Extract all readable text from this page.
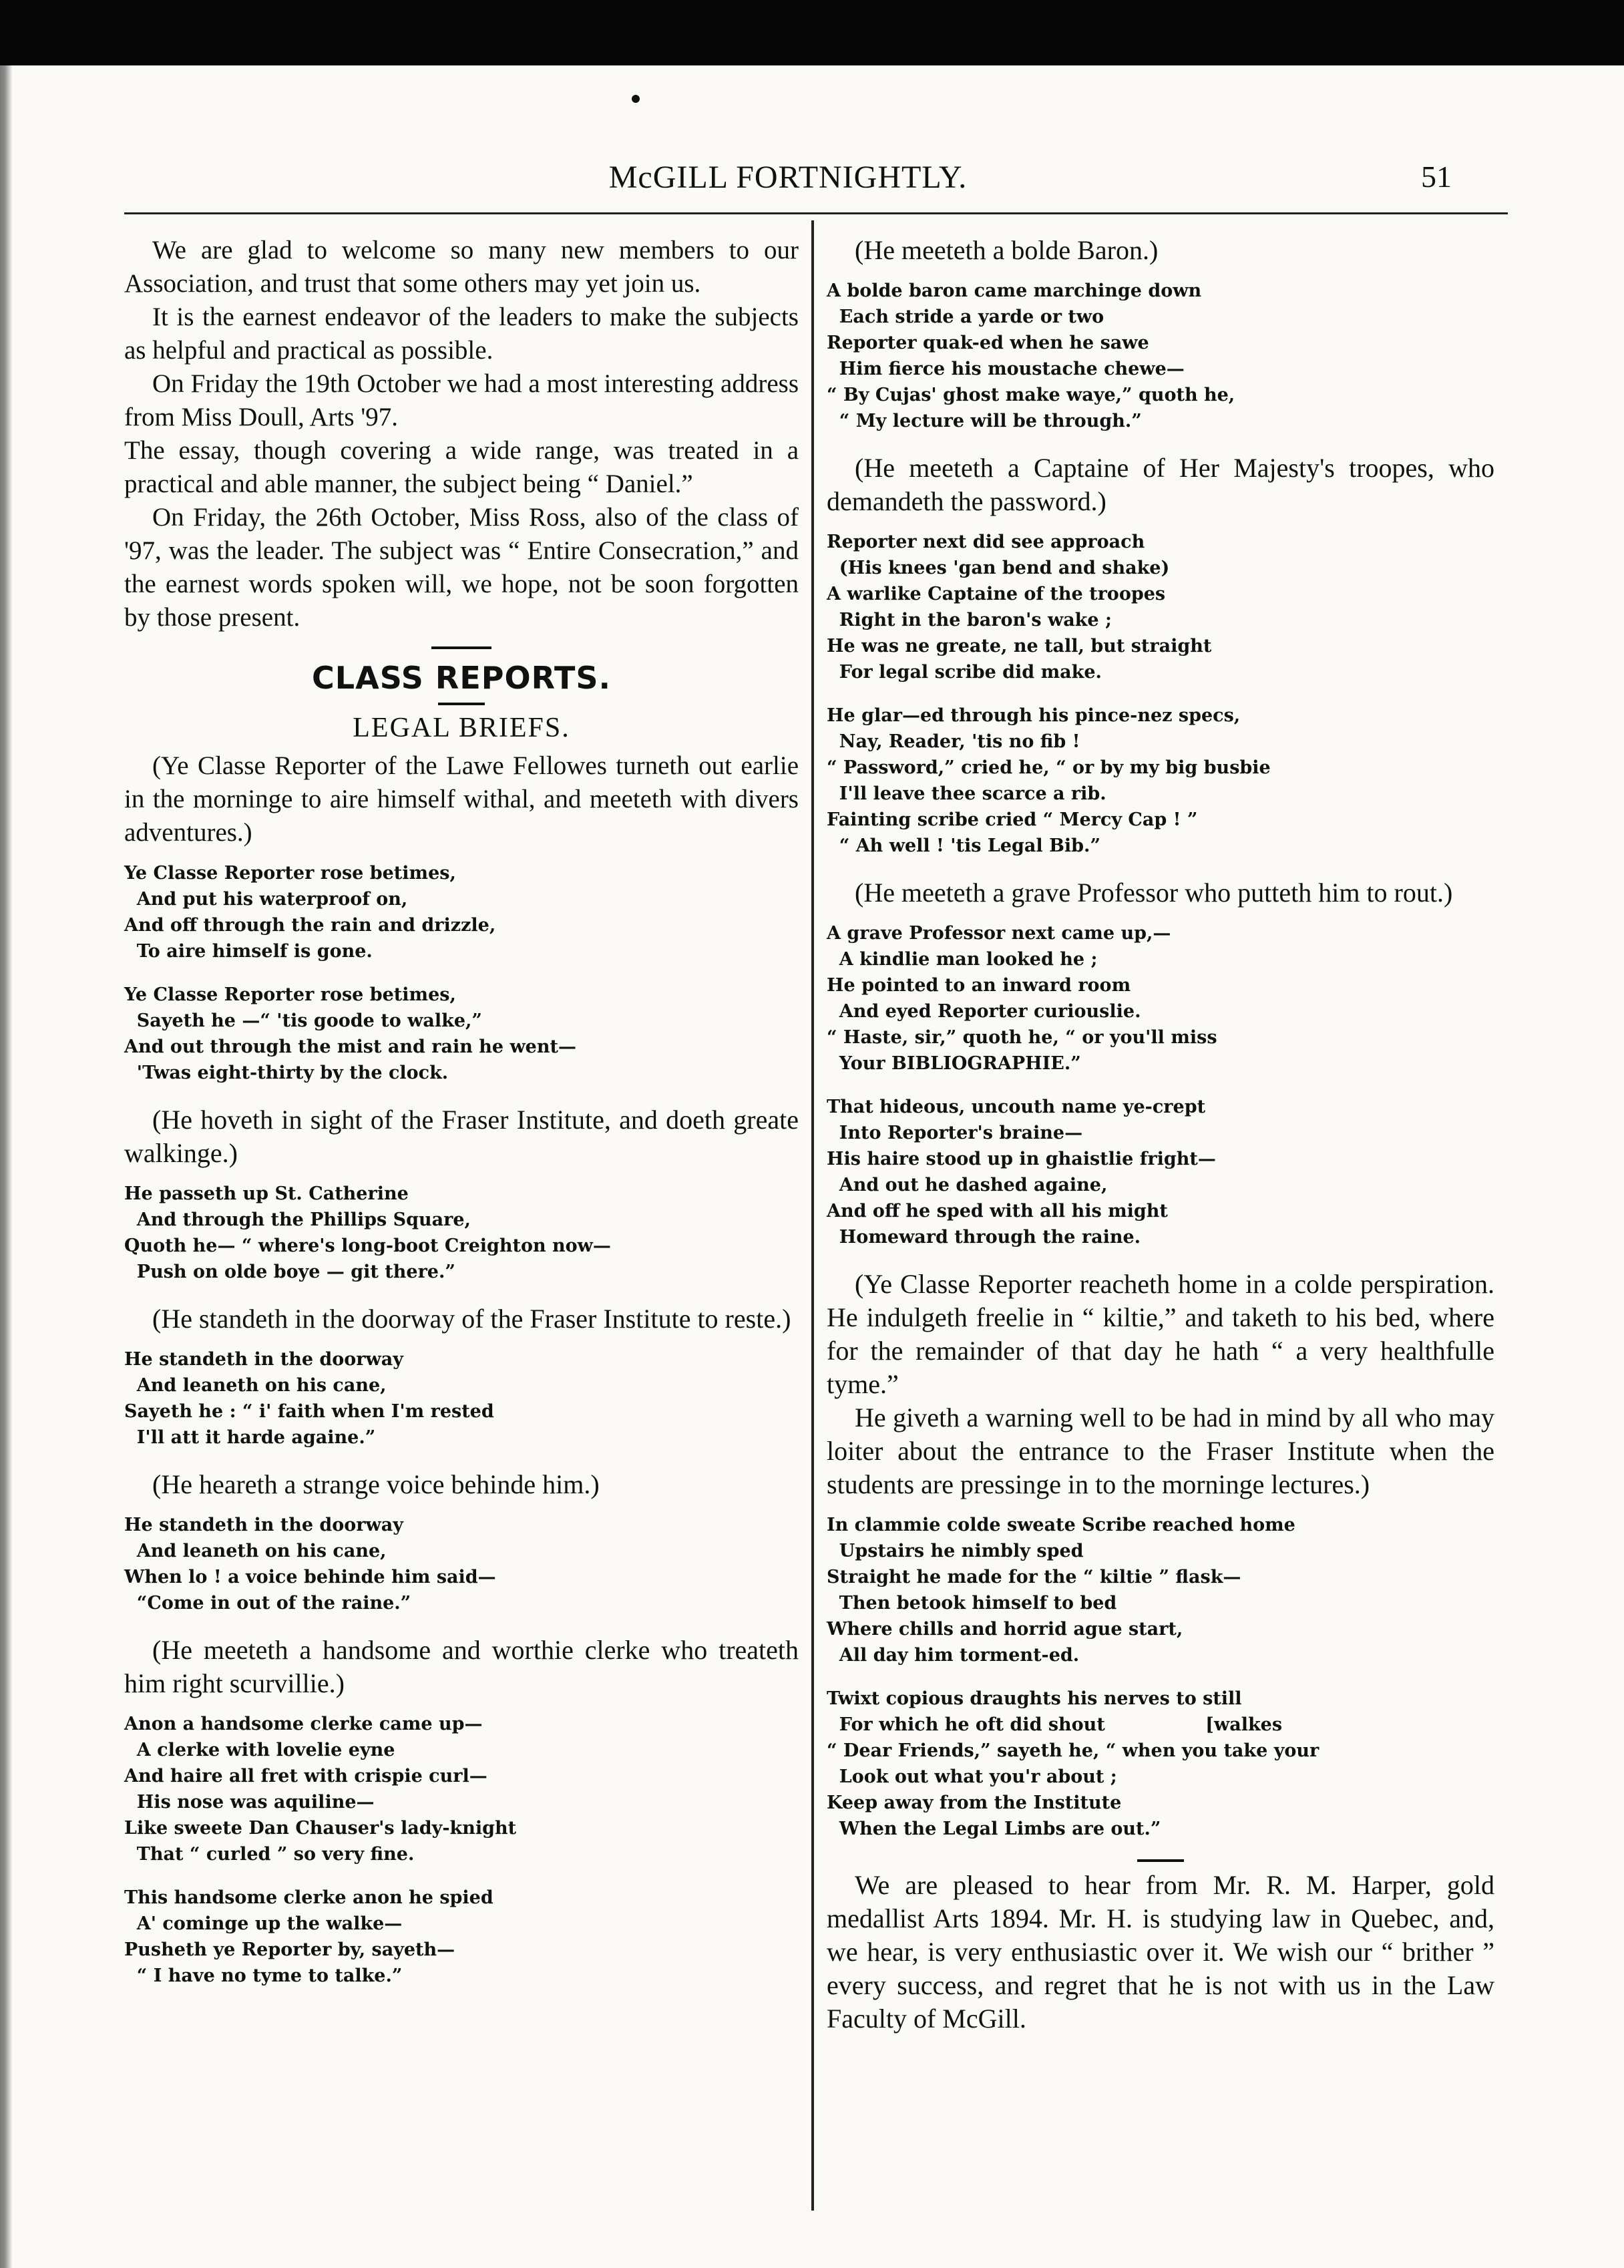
McGILL FORTNIGHTLY.	51

We are glad to welcome so many new members to our Association, and trust that some others may yet join us.

It is the earnest endeavor of the leaders to make the subjects as helpful and practical as possible.

On Friday the 19th October we had a most interesting address from Miss Doull, Arts '97.

The essay, though covering a wide range, was treated in a practical and able manner, the subject being “ Daniel.”

On Friday, the 26th October, Miss Ross, also of the class of '97, was the leader. The subject was “ Entire Consecration,” and the earnest words spoken will, we hope, not be soon forgotten by those present.

CLASS REPORTS.
LEGAL BRIEFS.

(Ye Classe Reporter of the Lawe Fellowes turneth out earlie in the morninge to aire himself withal, and meeteth with divers adventures.)

Ye Classe Reporter rose betimes,
And put his waterproof on,
And off through the rain and drizzle,
To aire himself is gone.
Ye Classe Reporter rose betimes,
Sayeth he —“ 'tis goode to walke,”
And out through the mist and rain he went—
'Twas eight-thirty by the clock.

(He hoveth in sight of the Fraser Institute, and doeth greate walkinge.)

He passeth up St. Catherine
And through the Phillips Square,
Quoth he— “ where's long-boot Creighton now—
Push on olde boye — git there.”

(He standeth in the doorway of the Fraser Institute to reste.)

He standeth in the doorway
And leaneth on his cane,
Sayeth he : “ i' faith when I'm rested
I'll att it harde againe.”

(He heareth a strange voice behinde him.)

He standeth in the doorway
And leaneth on his cane,
When lo ! a voice behinde him said—
“Come in out of the raine.”

(He meeteth a handsome and worthie clerke who treateth him right scurvillie.)

Anon a handsome clerke came up—
A clerke with lovelie eyne
And haire all fret with crispie curl—
His nose was aquiline—
Like sweete Dan Chauser's lady-knight
That “ curled ” so very fine.
This handsome clerke anon he spied
A' cominge up the walke—
Pusheth ye Reporter by, sayeth—
“ I have no tyme to talke.”

(He meeteth a bolde Baron.)

A bolde baron came marchinge down
Each stride a yarde or two
Reporter quak-ed when he sawe
Him fierce his moustache chewe—
“ By Cujas' ghost make waye,” quoth he,
“ My lecture will be through.”

(He meeteth a Captaine of Her Majesty's troopes, who demandeth the password.)

Reporter next did see approach
(His knees 'gan bend and shake)
A warlike Captaine of the troopes
Right in the baron's wake ;
He was ne greate, ne tall, but straight
For legal scribe did make.
He glar—ed through his pince-nez specs,
Nay, Reader, 'tis no fib !
“ Password,” cried he, “ or by my big busbie
I'll leave thee scarce a rib.
Fainting scribe cried “ Mercy Cap ! ”
“ Ah well ! 'tis Legal Bib.”

(He meeteth a grave Professor who putteth him to rout.)

A grave Professor next came up,—
A kindlie man looked he ;
He pointed to an inward room
And eyed Reporter curiouslie.
“ Haste, sir,” quoth he, “ or you'll miss
Your BIBLIOGRAPHIE.”
That hideous, uncouth name ye-crept
Into Reporter's braine—
His haire stood up in ghaistlie fright—
And out he dashed againe,
And off he sped with all his might
Homeward through the raine.

(Ye Classe Reporter reacheth home in a colde perspiration. He indulgeth freelie in “ kiltie,” and taketh to his bed, where for the remainder of that day he hath “ a very healthfulle tyme.”

He giveth a warning well to be had in mind by all who may loiter about the entrance to the Fraser Institute when the students are pressinge in to the morninge lectures.)

In clammie colde sweate Scribe reached home
Upstairs he nimbly sped
Straight he made for the “ kiltie ” flask—
Then betook himself to bed
Where chills and horrid ague start,
All day him torment-ed.
Twixt copious draughts his nerves to still
For which he oft did shout                [walkes
“ Dear Friends,” sayeth he, “ when you take your
Look out what you'r about ;
Keep away from the Institute
When the Legal Limbs are out.”

We are pleased to hear from Mr. R. M. Harper, gold medallist Arts 1894. Mr. H. is studying law in Quebec, and, we hear, is very enthusiastic over it. We wish our “ brither ” every success, and regret that he is not with us in the Law Faculty of McGill.
